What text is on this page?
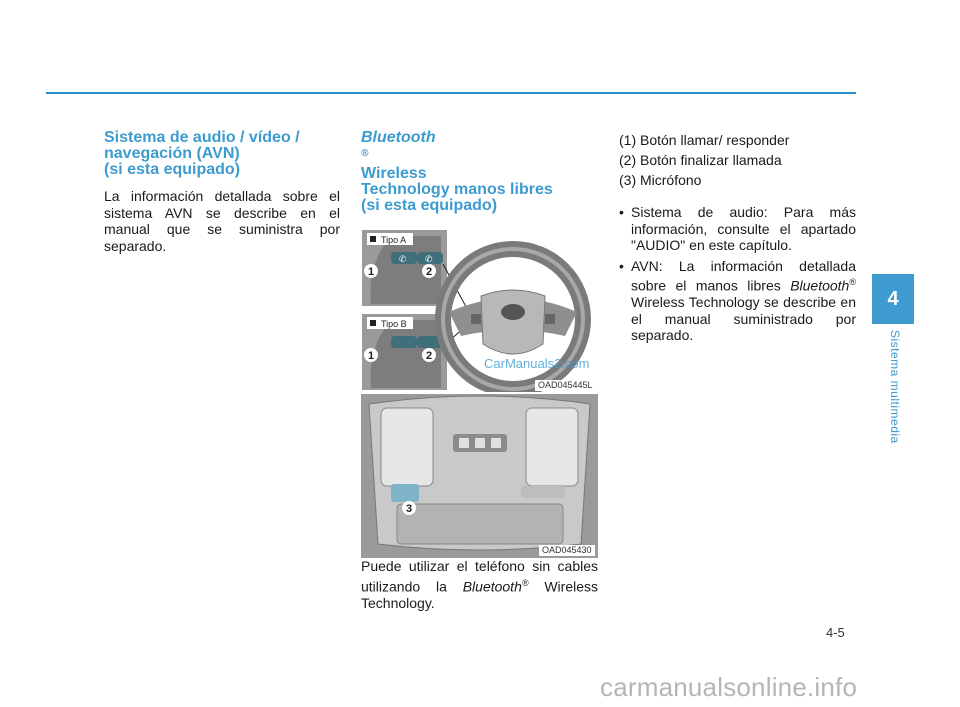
Sistema de audio / vídeo /
navegación (AVN)
(si esta equipado)

La información detallada sobre el sistema AVN se describe en el manual que se suministra por separado.

Bluetooth
®
Wireless
Technology manos libres
(si esta equipado)
Tipo A
✆ ✆
1	2
Tipo B
1	2
OAD045445L
3
OAD045430

Puede utilizar el teléfono sin cables utilizando la Bluetooth® Wireless Technology.

(1) Botón llamar/ responder
(2) Botón finalizar llamada
(3) Micrófono
• Sistema de audio: Para más información, consulte el apartado "AUDIO" en este capítulo.
• AVN: La información detallada sobre el manos libres Bluetooth® Wireless Technology se describe en el manual suministrado por separado.
CarManuals2.com
4
Sistema multimedia
4-5
carmanualsonline.info
